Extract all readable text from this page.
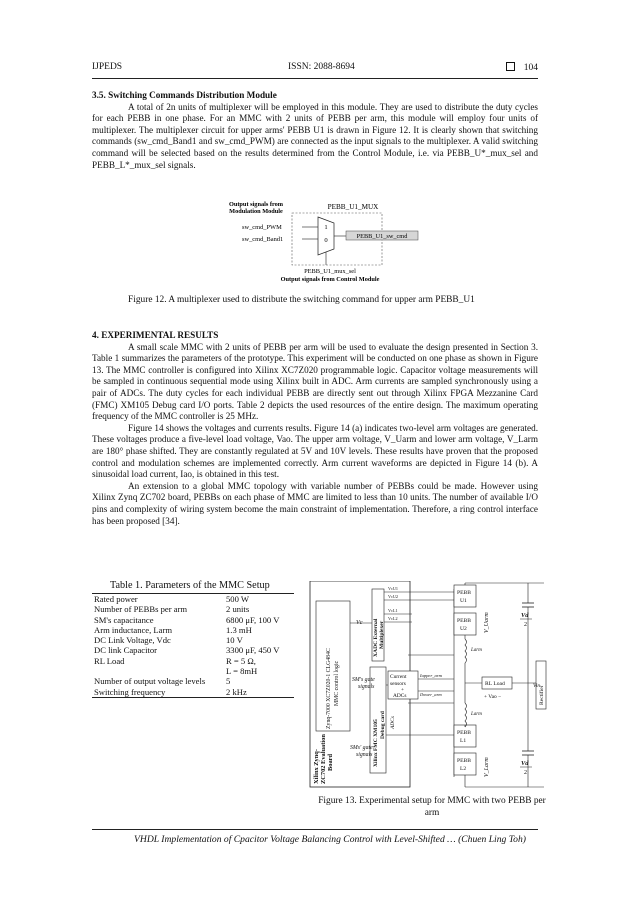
IJPEDS	ISSN: 2088-8694	104

3.5. Switching Commands Distribution Module

A total of 2n units of multiplexer will be employed in this module. They are used to distribute the duty cycles for each PEBB in one phase. For an MMC with 2 units of PEBB per arm, this module will employ four units of multiplexer. The multiplexer circuit for upper arms' PEBB U1 is drawn in Figure 12. It is clearly shown that switching commands (sw_cmd_Band1 and sw_cmd_PWM) are connected as the input signals to the multiplexer. A valid switching command will be selected based on the results determined from the Control Module, i.e. via PEBB_U*_mux_sel and PEBB_L*_mux_sel signals.

Output signals from
Modulation Module
PEBB_U1_MUX
sw_cmd_PWM
sw_cmd_Band1
1
0
PEBB_U1_sw_cmd
PEBB_U1_mux_sel
Output signals from Control Module
Figure 12. A multiplexer used to distribute the switching command for upper arm PEBB_U1

4. EXPERIMENTAL RESULTS

A small scale MMC with 2 units of PEBB per arm will be used to evaluate the design presented in Section 3. Table 1 summarizes the parameters of the prototype. This experiment will be conducted on one phase as shown in Figure 13. The MMC controller is configured into Xilinx XC7Z020 programmable logic. Capacitor voltage measurements will be sampled in continuous sequential mode using Xilinx built in ADC. Arm currents are sampled synchronously using a pair of ADCs. The duty cycles for each individual PEBB are directly sent out through Xilinx FPGA Mezzanine Card (FMC) XM105 Debug card I/O ports. Table 2 depicts the used resources of the entire design. The maximum operating frequency of the MMC controller is 25 MHz.

Figure 14 shows the voltages and currents results. Figure 14 (a) indicates two-level arm voltages are generated. These voltages produce a five-level load voltage, Vao. The upper arm voltage, V_Uarm and lower arm voltage, V_Larm are 180° phase shifted. They are constantly regulated at 5V and 10V levels. These results have proven that the proposed control and modulation schemes are implemented correctly. Arm current waveforms are depicted in Figure 14 (b). A sinusoidal load current, Iao, is obtained in this test.

An extension to a global MMC topology with variable number of PEBBs could be made. However using Xilinx Zynq ZC702 board, PEBBs on each phase of MMC are limited to less than 10 units. The number of available I/O pins and complexity of wiring system become the main constraint of implementation. Therefore, a ring control interface has been proposed [34].

Table 1. Parameters of the MMC Setup
Rated power	500 W
Number of PEBBs per arm	2 units
SM's capacitance	6800 μF, 100 V
Arm inductance, Larm	1.3 mH
DC Link Voltage, Vdc	10 V
DC link Capacitor	3300 μF, 450 V
RL Load	R = 5 Ω,
	L = 8mH
Number of output voltage levels	5
Switching frequency	2 kHz
Xilinx Zynq- ZC702 Evaluation Board
Zynq-7000 XC7Z020-1 CLG484C MMC control logic
XADC External Multiplexer
Vc
Xilinx FMC XM105 Debug card ADCs
SM's gate
signals
SMs' gate
signals
VcU1
VcU2
VcL1
VcL2
Current
sensors
+
ADCs
Iupper_arm
Ilower_arm
PEBB
U1
PEBB
U2
PEBB
L1
PEBB
L2
Larm
Larm
V_Uarm
V_Larm
RL Load
+ Vao −
Vd
2
Vd
2
Rectifier
Vin
Figure 13. Experimental setup for MMC with two PEBB per arm
VHDL Implementation of Cpacitor Voltage Balancing Control with Level-Shifted … (Chuen Ling Toh)
